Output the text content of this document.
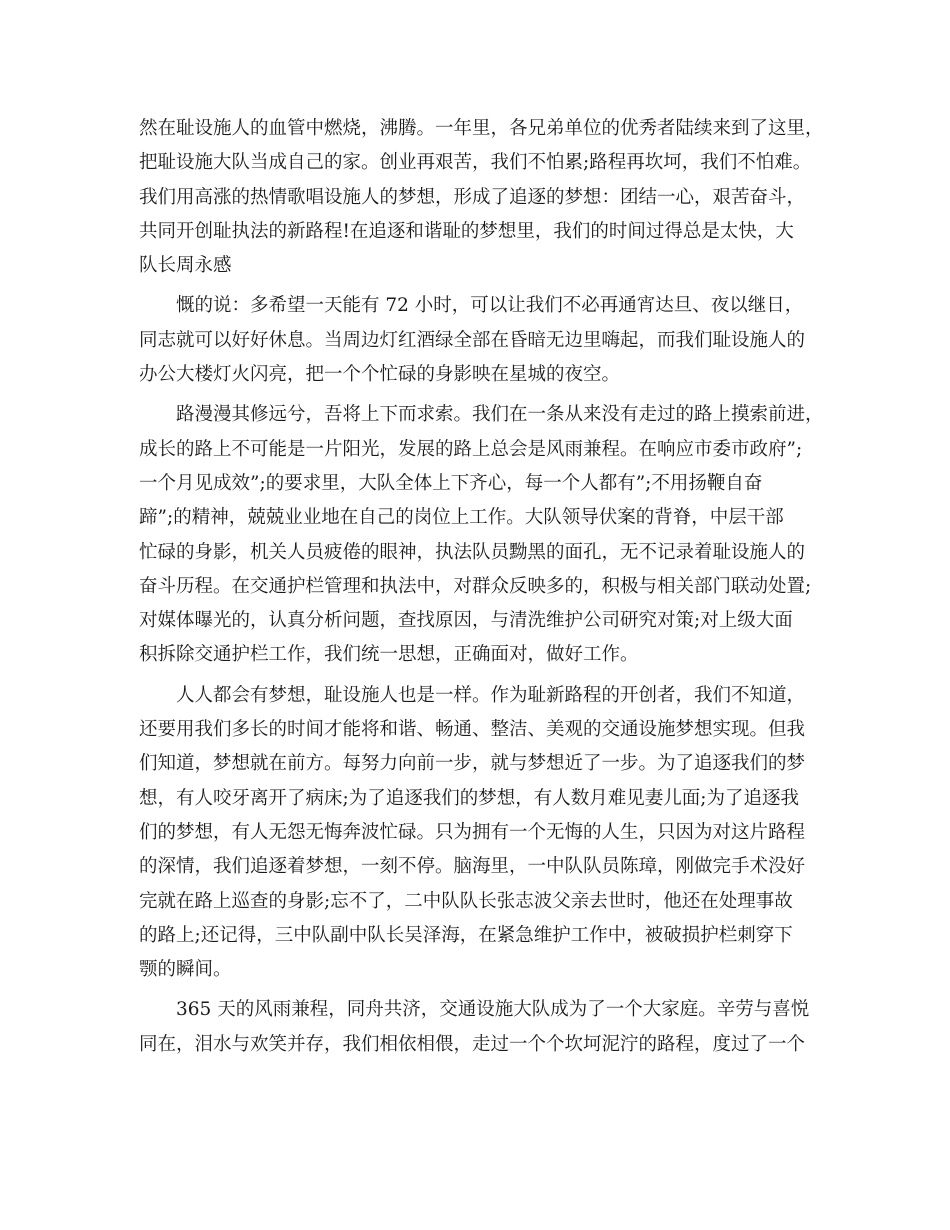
然在耻设施人的血管中燃烧，沸腾。一年里，各兄弟单位的优秀者陆续来到了这里，
把耻设施大队当成自己的家。创业再艰苦，我们不怕累;路程再坎坷，我们不怕难。
我们用高涨的热情歌唱设施人的梦想，形成了追逐的梦想：团结一心，艰苦奋斗，
共同开创耻执法的新路程!在追逐和谐耻的梦想里，我们的时间过得总是太快，大
队长周永感
慨的说：多希望一天能有 72 小时，可以让我们不必再通宵达旦、夜以继日，
同志就可以好好休息。当周边灯红酒绿全部在昏暗无边里嗨起，而我们耻设施人的
办公大楼灯火闪亮，把一个个忙碌的身影映在星城的夜空。
路漫漫其修远兮，吾将上下而求索。我们在一条从来没有走过的路上摸索前进，
成长的路上不可能是一片阳光，发展的路上总会是风雨兼程。在响应市委市政府”;
一个月见成效”;的要求里，大队全体上下齐心，每一个人都有”;不用扬鞭自奋
蹄”;的精神，兢兢业业地在自己的岗位上工作。大队领导伏案的背脊，中层干部
忙碌的身影，机关人员疲倦的眼神，执法队员黝黑的面孔，无不记录着耻设施人的
奋斗历程。在交通护栏管理和执法中，对群众反映多的，积极与相关部门联动处置;
对媒体曝光的，认真分析问题，查找原因，与清洗维护公司研究对策;对上级大面
积拆除交通护栏工作，我们统一思想，正确面对，做好工作。
人人都会有梦想，耻设施人也是一样。作为耻新路程的开创者，我们不知道，
还要用我们多长的时间才能将和谐、畅通、整洁、美观的交通设施梦想实现。但我
们知道，梦想就在前方。每努力向前一步，就与梦想近了一步。为了追逐我们的梦
想，有人咬牙离开了病床;为了追逐我们的梦想，有人数月难见妻儿面;为了追逐我
们的梦想，有人无怨无悔奔波忙碌。只为拥有一个无悔的人生，只因为对这片路程
的深情，我们追逐着梦想，一刻不停。脑海里，一中队队员陈璋，刚做完手术没好
完就在路上巡查的身影;忘不了，二中队队长张志波父亲去世时，他还在处理事故
的路上;还记得，三中队副中队长吴泽海，在紧急维护工作中，被破损护栏刺穿下
颚的瞬间。
365 天的风雨兼程，同舟共济，交通设施大队成为了一个大家庭。辛劳与喜悦
同在，泪水与欢笑并存，我们相依相偎，走过一个个坎坷泥泞的路程，度过了一个
